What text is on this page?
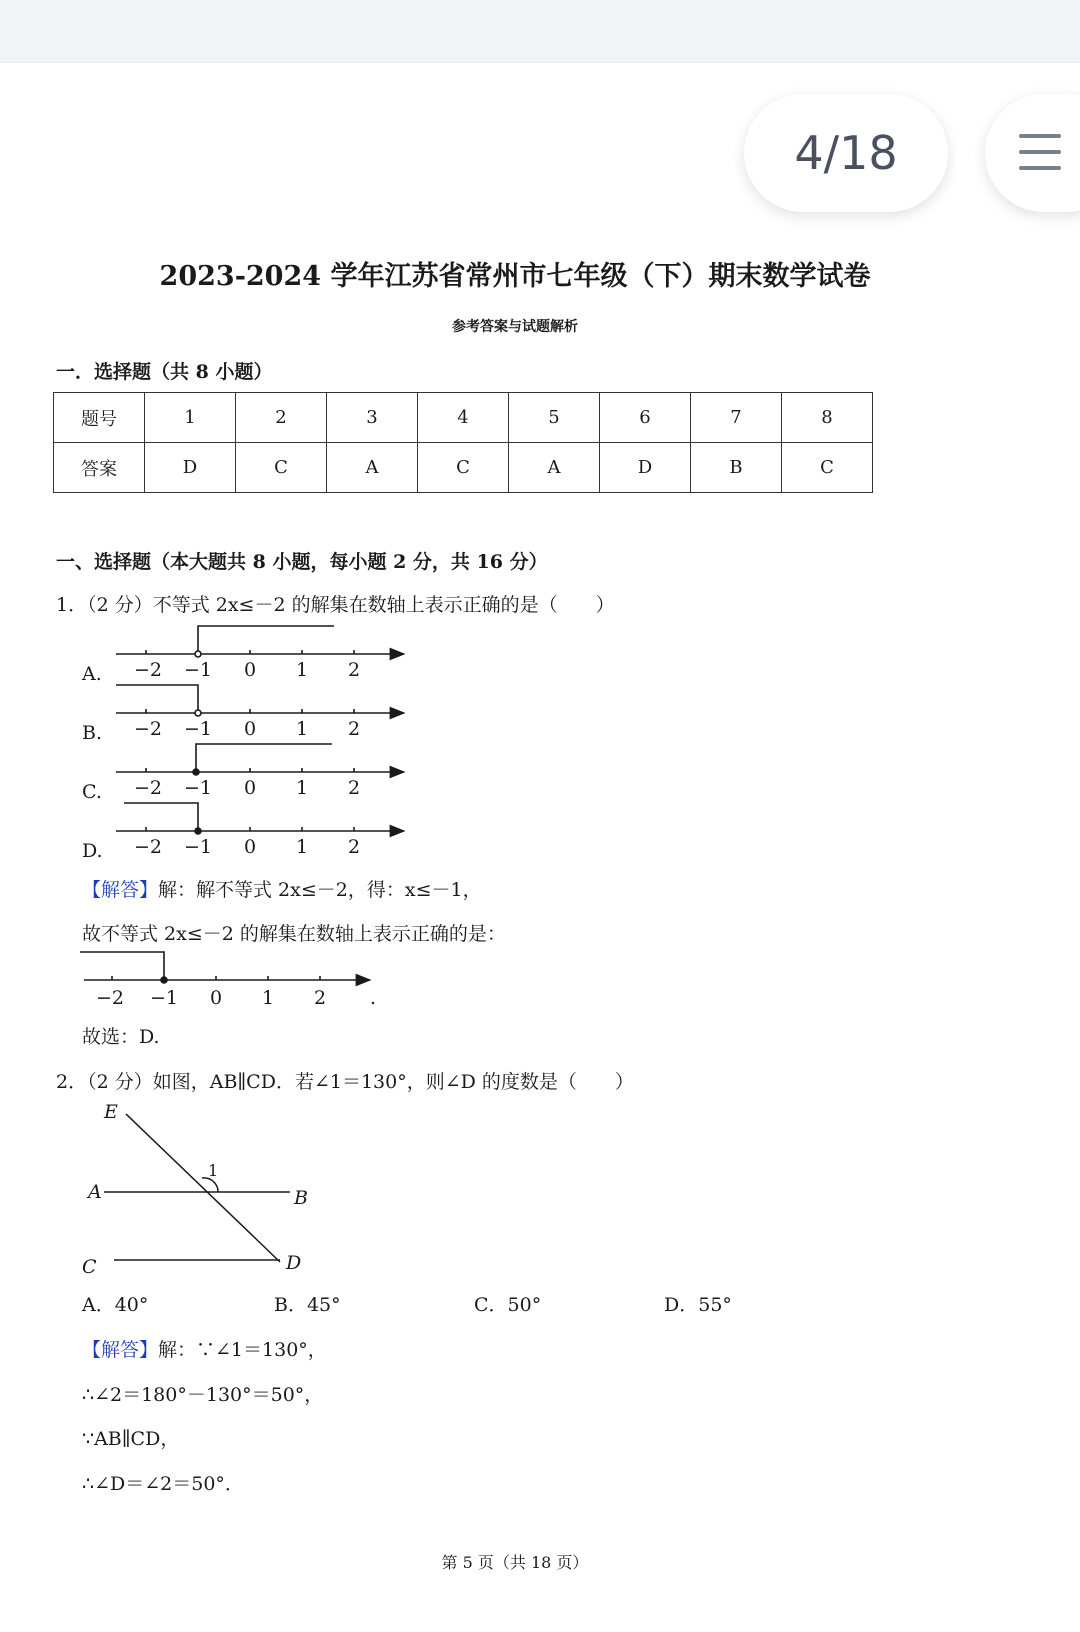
4/18
2023-2024 学年江苏省常州市七年级（下）期末数学试卷
参考答案与试题解析
一．选择题（共 8 小题）
题号	1	2	3	4	5	6	7	8
答案	D	C	A	C	A	D	B	C
一、选择题（本大题共 8 小题，每小题 2 分，共 16 分）
1．（2 分）不等式 2x≤－2 的解集在数轴上表示正确的是（　　）
A. −2 −1 0 1 2
B. −2 −1 0 1 2
C. −2 −1 0 1 2
D. −2 −1 0 1 2
【解答】解：解不等式 2x≤－2，得：x≤－1，
故不等式 2x≤－2 的解集在数轴上表示正确的是：
−2 −1 0 1 2 .
故选：D.
2．（2 分）如图，AB∥CD．若∠1＝130°，则∠D 的度数是（　　）
E
A	B
C	D
1
A．40°	B．45°	C．50°	D．55°
【解答】解：∵∠1＝130°，
∴∠2＝180°－130°＝50°，
∵AB∥CD，
∴∠D＝∠2＝50°．
第 5 页（共 18 页）
